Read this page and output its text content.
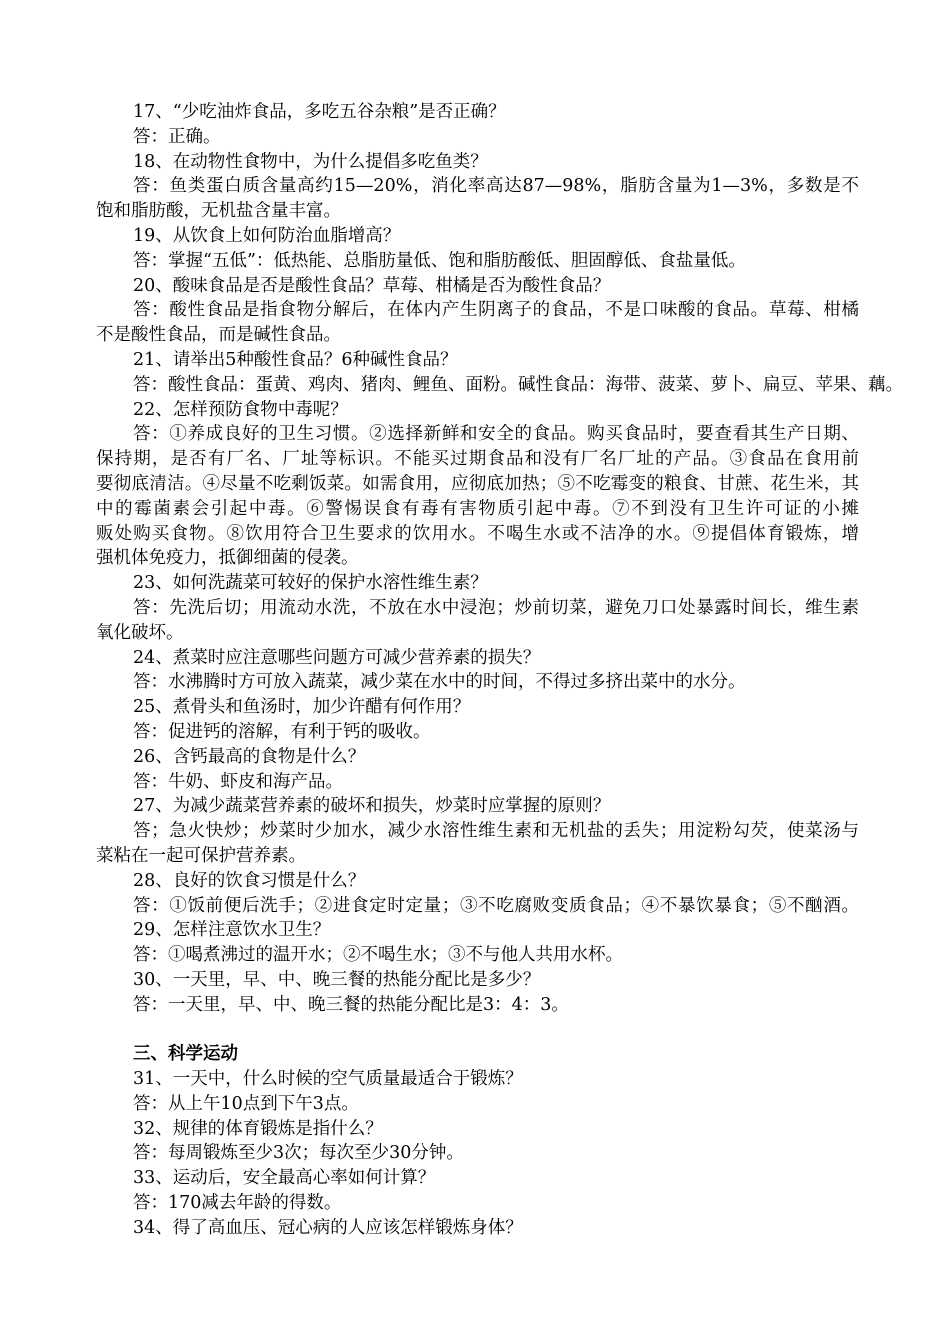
17、“少吃油炸食品，多吃五谷杂粮”是否正确？
答：正确。
18、在动物性食物中，为什么提倡多吃鱼类？
答：鱼类蛋白质含量高约15—20%，消化率高达87—98%，脂肪含量为1—3%，多数是不
饱和脂肪酸，无机盐含量丰富。
19、从饮食上如何防治血脂增高？
答：掌握“五低”：低热能、总脂肪量低、饱和脂肪酸低、胆固醇低、食盐量低。
20、酸味食品是否是酸性食品？草莓、柑橘是否为酸性食品？
答：酸性食品是指食物分解后，在体内产生阴离子的食品，不是口味酸的食品。草莓、柑橘
不是酸性食品，而是碱性食品。
21、请举出5种酸性食品？6种碱性食品？
答：酸性食品：蛋黄、鸡肉、猪肉、鲤鱼、面粉。碱性食品：海带、菠菜、萝卜、扁豆、苹果、藕。
22、怎样预防食物中毒呢？
答：①养成良好的卫生习惯。②选择新鲜和安全的食品。购买食品时，要查看其生产日期、
保持期，是否有厂名、厂址等标识。不能买过期食品和没有厂名厂址的产品。③食品在食用前
要彻底清洁。④尽量不吃剩饭菜。如需食用，应彻底加热；⑤不吃霉变的粮食、甘蔗、花生米，其
中的霉菌素会引起中毒。⑥警惕误食有毒有害物质引起中毒。⑦不到没有卫生许可证的小摊
贩处购买食物。⑧饮用符合卫生要求的饮用水。不喝生水或不洁净的水。⑨提倡体育锻炼，增
强机体免疫力，抵御细菌的侵袭。
23、如何洗蔬菜可较好的保护水溶性维生素？
答：先洗后切；用流动水洗，不放在水中浸泡；炒前切菜，避免刀口处暴露时间长，维生素
氧化破坏。
24、煮菜时应注意哪些问题方可减少营养素的损失？
答：水沸腾时方可放入蔬菜，减少菜在水中的时间，不得过多挤出菜中的水分。
25、煮骨头和鱼汤时，加少许醋有何作用？
答：促进钙的溶解，有利于钙的吸收。
26、含钙最高的食物是什么？
答：牛奶、虾皮和海产品。
27、为减少蔬菜营养素的破坏和损失，炒菜时应掌握的原则？
答；急火快炒；炒菜时少加水，减少水溶性维生素和无机盐的丢失；用淀粉勾芡，使菜汤与
菜粘在一起可保护营养素。
28、良好的饮食习惯是什么？
答：①饭前便后洗手；②进食定时定量；③不吃腐败变质食品；④不暴饮暴食；⑤不酗酒。
29、怎样注意饮水卫生？
答：①喝煮沸过的温开水；②不喝生水；③不与他人共用水杯。
30、一天里，早、中、晚三餐的热能分配比是多少？
答：一天里，早、中、晚三餐的热能分配比是3：4：3。
三、科学运动
31、一天中，什么时候的空气质量最适合于锻炼？
答：从上午10点到下午3点。
32、规律的体育锻炼是指什么？
答：每周锻炼至少3次；每次至少30分钟。
33、运动后，安全最高心率如何计算？
答：170减去年龄的得数。
34、得了高血压、冠心病的人应该怎样锻炼身体？
